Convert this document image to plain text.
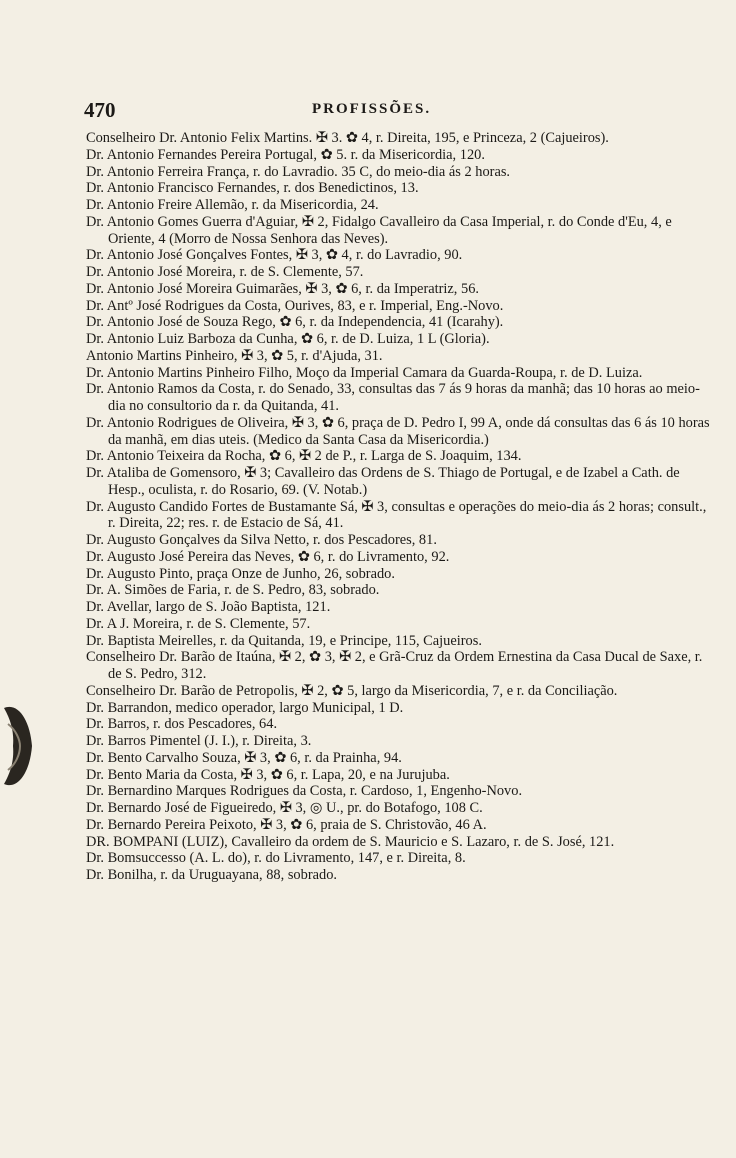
470	PROFISSÕES.

Conselheiro Dr. Antonio Felix Martins. ✠ 3. ✿ 4, r. Direita, 195, e Princeza, 2 (Cajueiros).

Dr. Antonio Fernandes Pereira Portugal, ✿ 5. r. da Misericordia, 120.

Dr. Antonio Ferreira França, r. do Lavradio. 35 C, do meio-dia ás 2 horas.

Dr. Antonio Francisco Fernandes, r. dos Benedictinos, 13.

Dr. Antonio Freire Allemão, r. da Misericordia, 24.

Dr. Antonio Gomes Guerra d'Aguiar, ✠ 2, Fidalgo Cavalleiro da Casa Imperial, r. do Conde d'Eu, 4, e Oriente, 4 (Morro de Nossa Senhora das Neves).

Dr. Antonio José Gonçalves Fontes, ✠ 3, ✿ 4, r. do Lavradio, 90.

Dr. Antonio José Moreira, r. de S. Clemente, 57.

Dr. Antonio José Moreira Guimarães, ✠ 3, ✿ 6, r. da Imperatriz, 56.

Dr. Antº José Rodrigues da Costa, Ourives, 83, e r. Imperial, Eng.-Novo.

Dr. Antonio José de Souza Rego, ✿ 6, r. da Independencia, 41 (Icarahy).

Dr. Antonio Luiz Barboza da Cunha, ✿ 6, r. de D. Luiza, 1 L (Gloria).

Antonio Martins Pinheiro, ✠ 3, ✿ 5, r. d'Ajuda, 31.

Dr. Antonio Martins Pinheiro Filho, Moço da Imperial Camara da Guarda-Roupa, r. de D. Luiza.

Dr. Antonio Ramos da Costa, r. do Senado, 33, consultas das 7 ás 9 horas da manhã; das 10 horas ao meio-dia no consultorio da r. da Quitanda, 41.

Dr. Antonio Rodrigues de Oliveira, ✠ 3, ✿ 6, praça de D. Pedro I, 99 A, onde dá consultas das 6 ás 10 horas da manhã, em dias uteis. (Medico da Santa Casa da Misericordia.)

Dr. Antonio Teixeira da Rocha, ✿ 6, ✠ 2 de P., r. Larga de S. Joaquim, 134.

Dr. Ataliba de Gomensoro, ✠ 3; Cavalleiro das Ordens de S. Thiago de Portugal, e de Izabel a Cath. de Hesp., oculista, r. do Rosario, 69. (V. Notab.)

Dr. Augusto Candido Fortes de Bustamante Sá, ✠ 3, consultas e operações do meio-dia ás 2 horas; consult., r. Direita, 22; res. r. de Estacio de Sá, 41.

Dr. Augusto Gonçalves da Silva Netto, r. dos Pescadores, 81.

Dr. Augusto José Pereira das Neves, ✿ 6, r. do Livramento, 92.

Dr. Augusto Pinto, praça Onze de Junho, 26, sobrado.

Dr. A. Simões de Faria, r. de S. Pedro, 83, sobrado.

Dr. Avellar, largo de S. João Baptista, 121.

Dr. A J. Moreira, r. de S. Clemente, 57.

Dr. Baptista Meirelles, r. da Quitanda, 19, e Principe, 115, Cajueiros.

Conselheiro Dr. Barão de Itaúna, ✠ 2, ✿ 3, ✠ 2, e Grã-Cruz da Ordem Ernestina da Casa Ducal de Saxe, r. de S. Pedro, 312.

Conselheiro Dr. Barão de Petropolis, ✠ 2, ✿ 5, largo da Misericordia, 7, e r. da Conciliação.

Dr. Barrandon, medico operador, largo Municipal, 1 D.

Dr. Barros, r. dos Pescadores, 64.

Dr. Barros Pimentel (J. I.), r. Direita, 3.

Dr. Bento Carvalho Souza, ✠ 3, ✿ 6, r. da Prainha, 94.

Dr. Bento Maria da Costa, ✠ 3, ✿ 6, r. Lapa, 20, e na Jurujuba.

Dr. Bernardino Marques Rodrigues da Costa, r. Cardoso, 1, Engenho-Novo.

Dr. Bernardo José de Figueiredo, ✠ 3, ◎ U., pr. do Botafogo, 108 C.

Dr. Bernardo Pereira Peixoto, ✠ 3, ✿ 6, praia de S. Christovão, 46 A.

DR. BOMPANI (LUIZ), Cavalleiro da ordem de S. Mauricio e S. Lazaro, r. de S. José, 121.

Dr. Bomsuccesso (A. L. do), r. do Livramento, 147, e r. Direita, 8.

Dr. Bonilha, r. da Uruguayana, 88, sobrado.
